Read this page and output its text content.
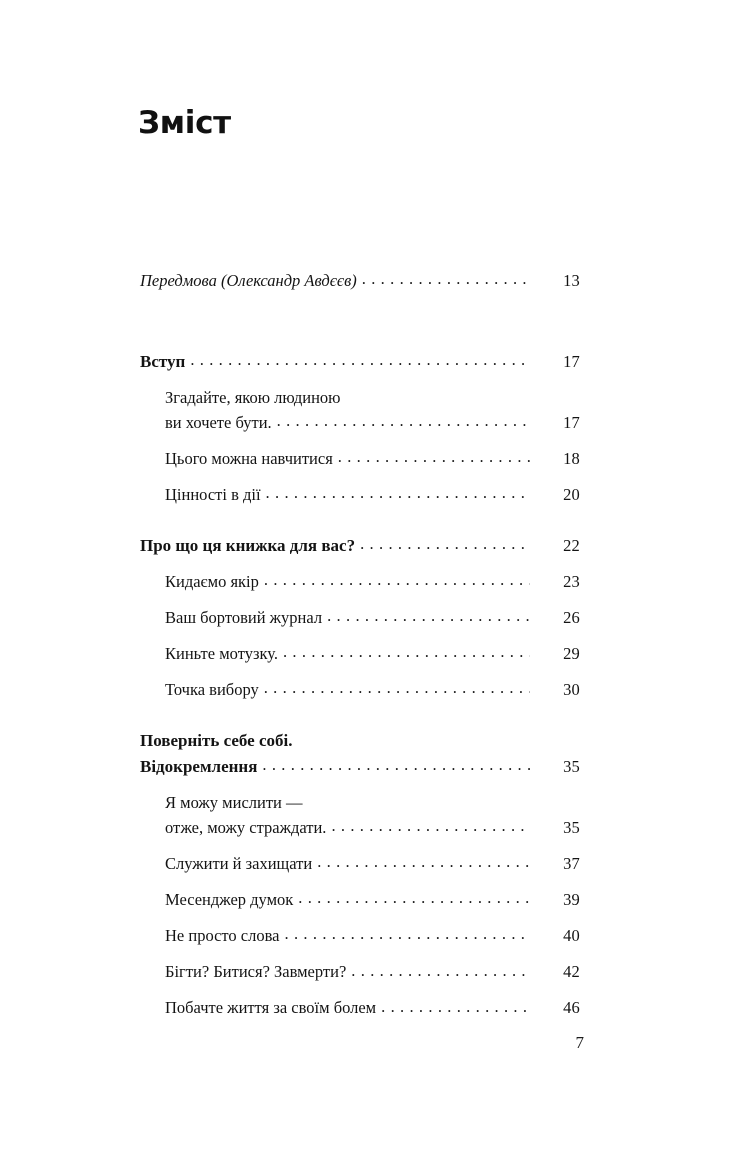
Зміст
Передмова (Олександр Авдєєв) . . .	13
Вступ . . .	17
Згадайте, якою людиною
ви хочете бути. . . .	17
Цього можна навчитися . . .	18
Цінності в дії . . .	20
Про що ця книжка для вас? . . .	22
Кидаємо якір . . .	23
Ваш бортовий журнал . . .	26
Киньте мотузку. . . .	29
Точка вибору . . .	30
Поверніть себе собі.
Відокремлення . . .	35
Я можу мислити —
отже, можу страждати. . . .	35
Служити й захищати . . .	37
Месенджер думок . . .	39
Не просто слова . . .	40
Бігти? Битися? Завмерти? . . .	42
Побачте життя за своїм болем . . .	46
7
